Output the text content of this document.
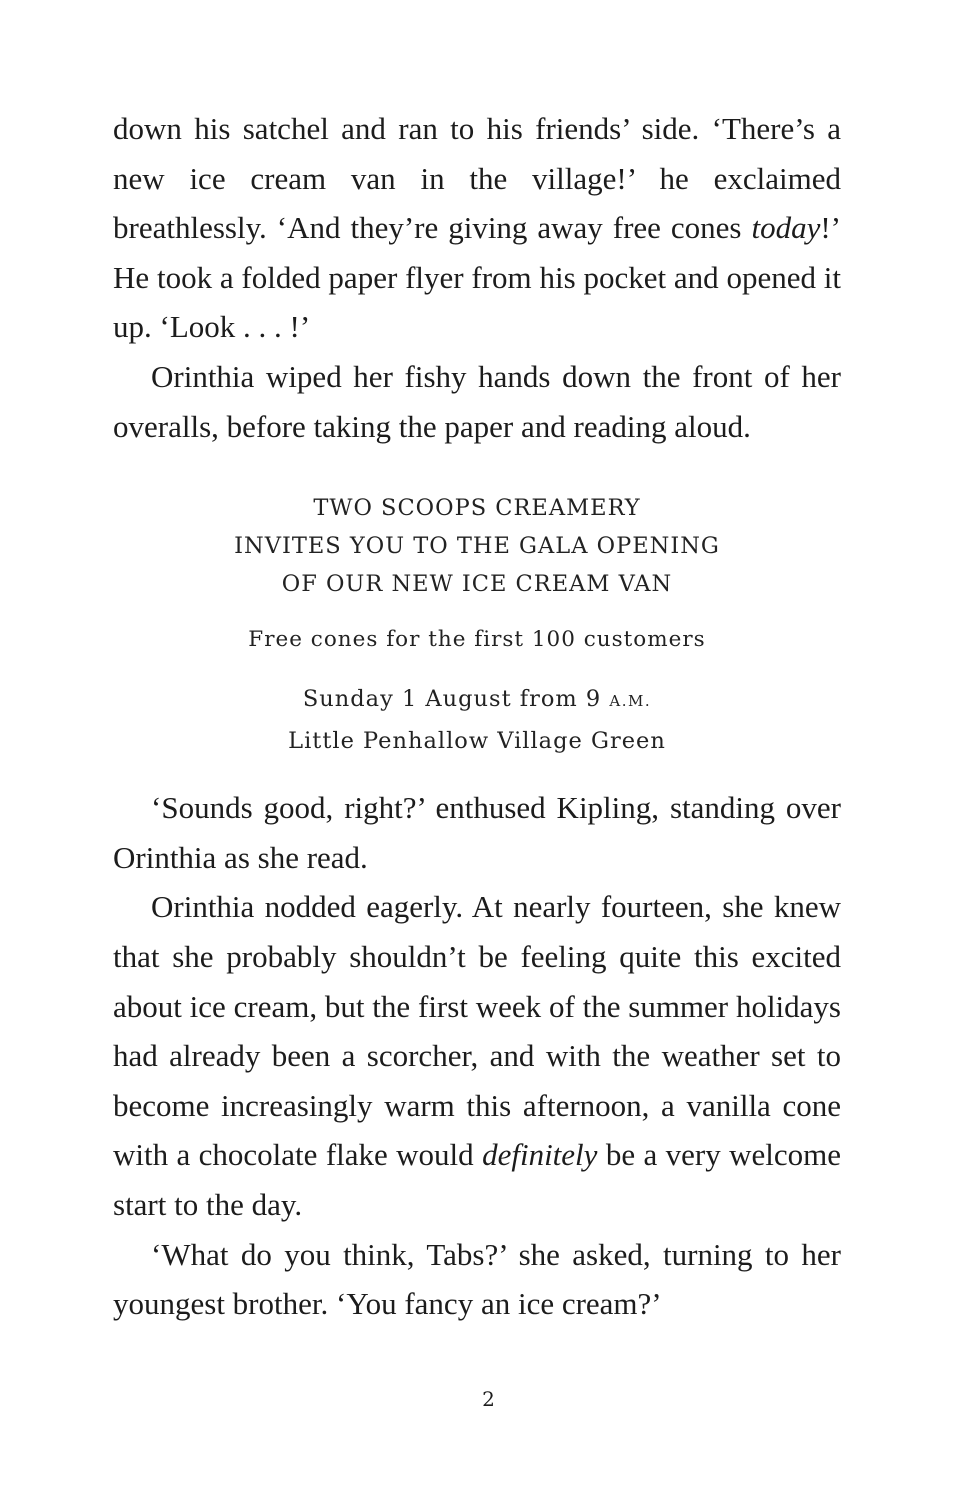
down his satchel and ran to his friends’ side. ‘There’s a new ice cream van in the village!’ he exclaimed breathlessly. ‘And they’re giving away free cones today!’ He took a folded paper flyer from his pocket and opened it up. ‘Look . . . !’

Orinthia wiped her fishy hands down the front of her overalls, before taking the paper and reading aloud.

TWO SCOOPS CREAMERY
INVITES YOU TO THE GALA OPENING
OF OUR NEW ICE CREAM VAN
Free cones for the first 100 customers
Sunday 1 August from 9 A.M.
Little Penhallow Village Green

‘Sounds good, right?’ enthused Kipling, standing over Orinthia as she read.

Orinthia nodded eagerly. At nearly fourteen, she knew that she probably shouldn’t be feeling quite this excited about ice cream, but the first week of the summer holidays had already been a scorcher, and with the weather set to become increasingly warm this afternoon, a vanilla cone with a chocolate flake would definitely be a very welcome start to the day.

‘What do you think, Tabs?’ she asked, turning to her youngest brother. ‘You fancy an ice cream?’

2
